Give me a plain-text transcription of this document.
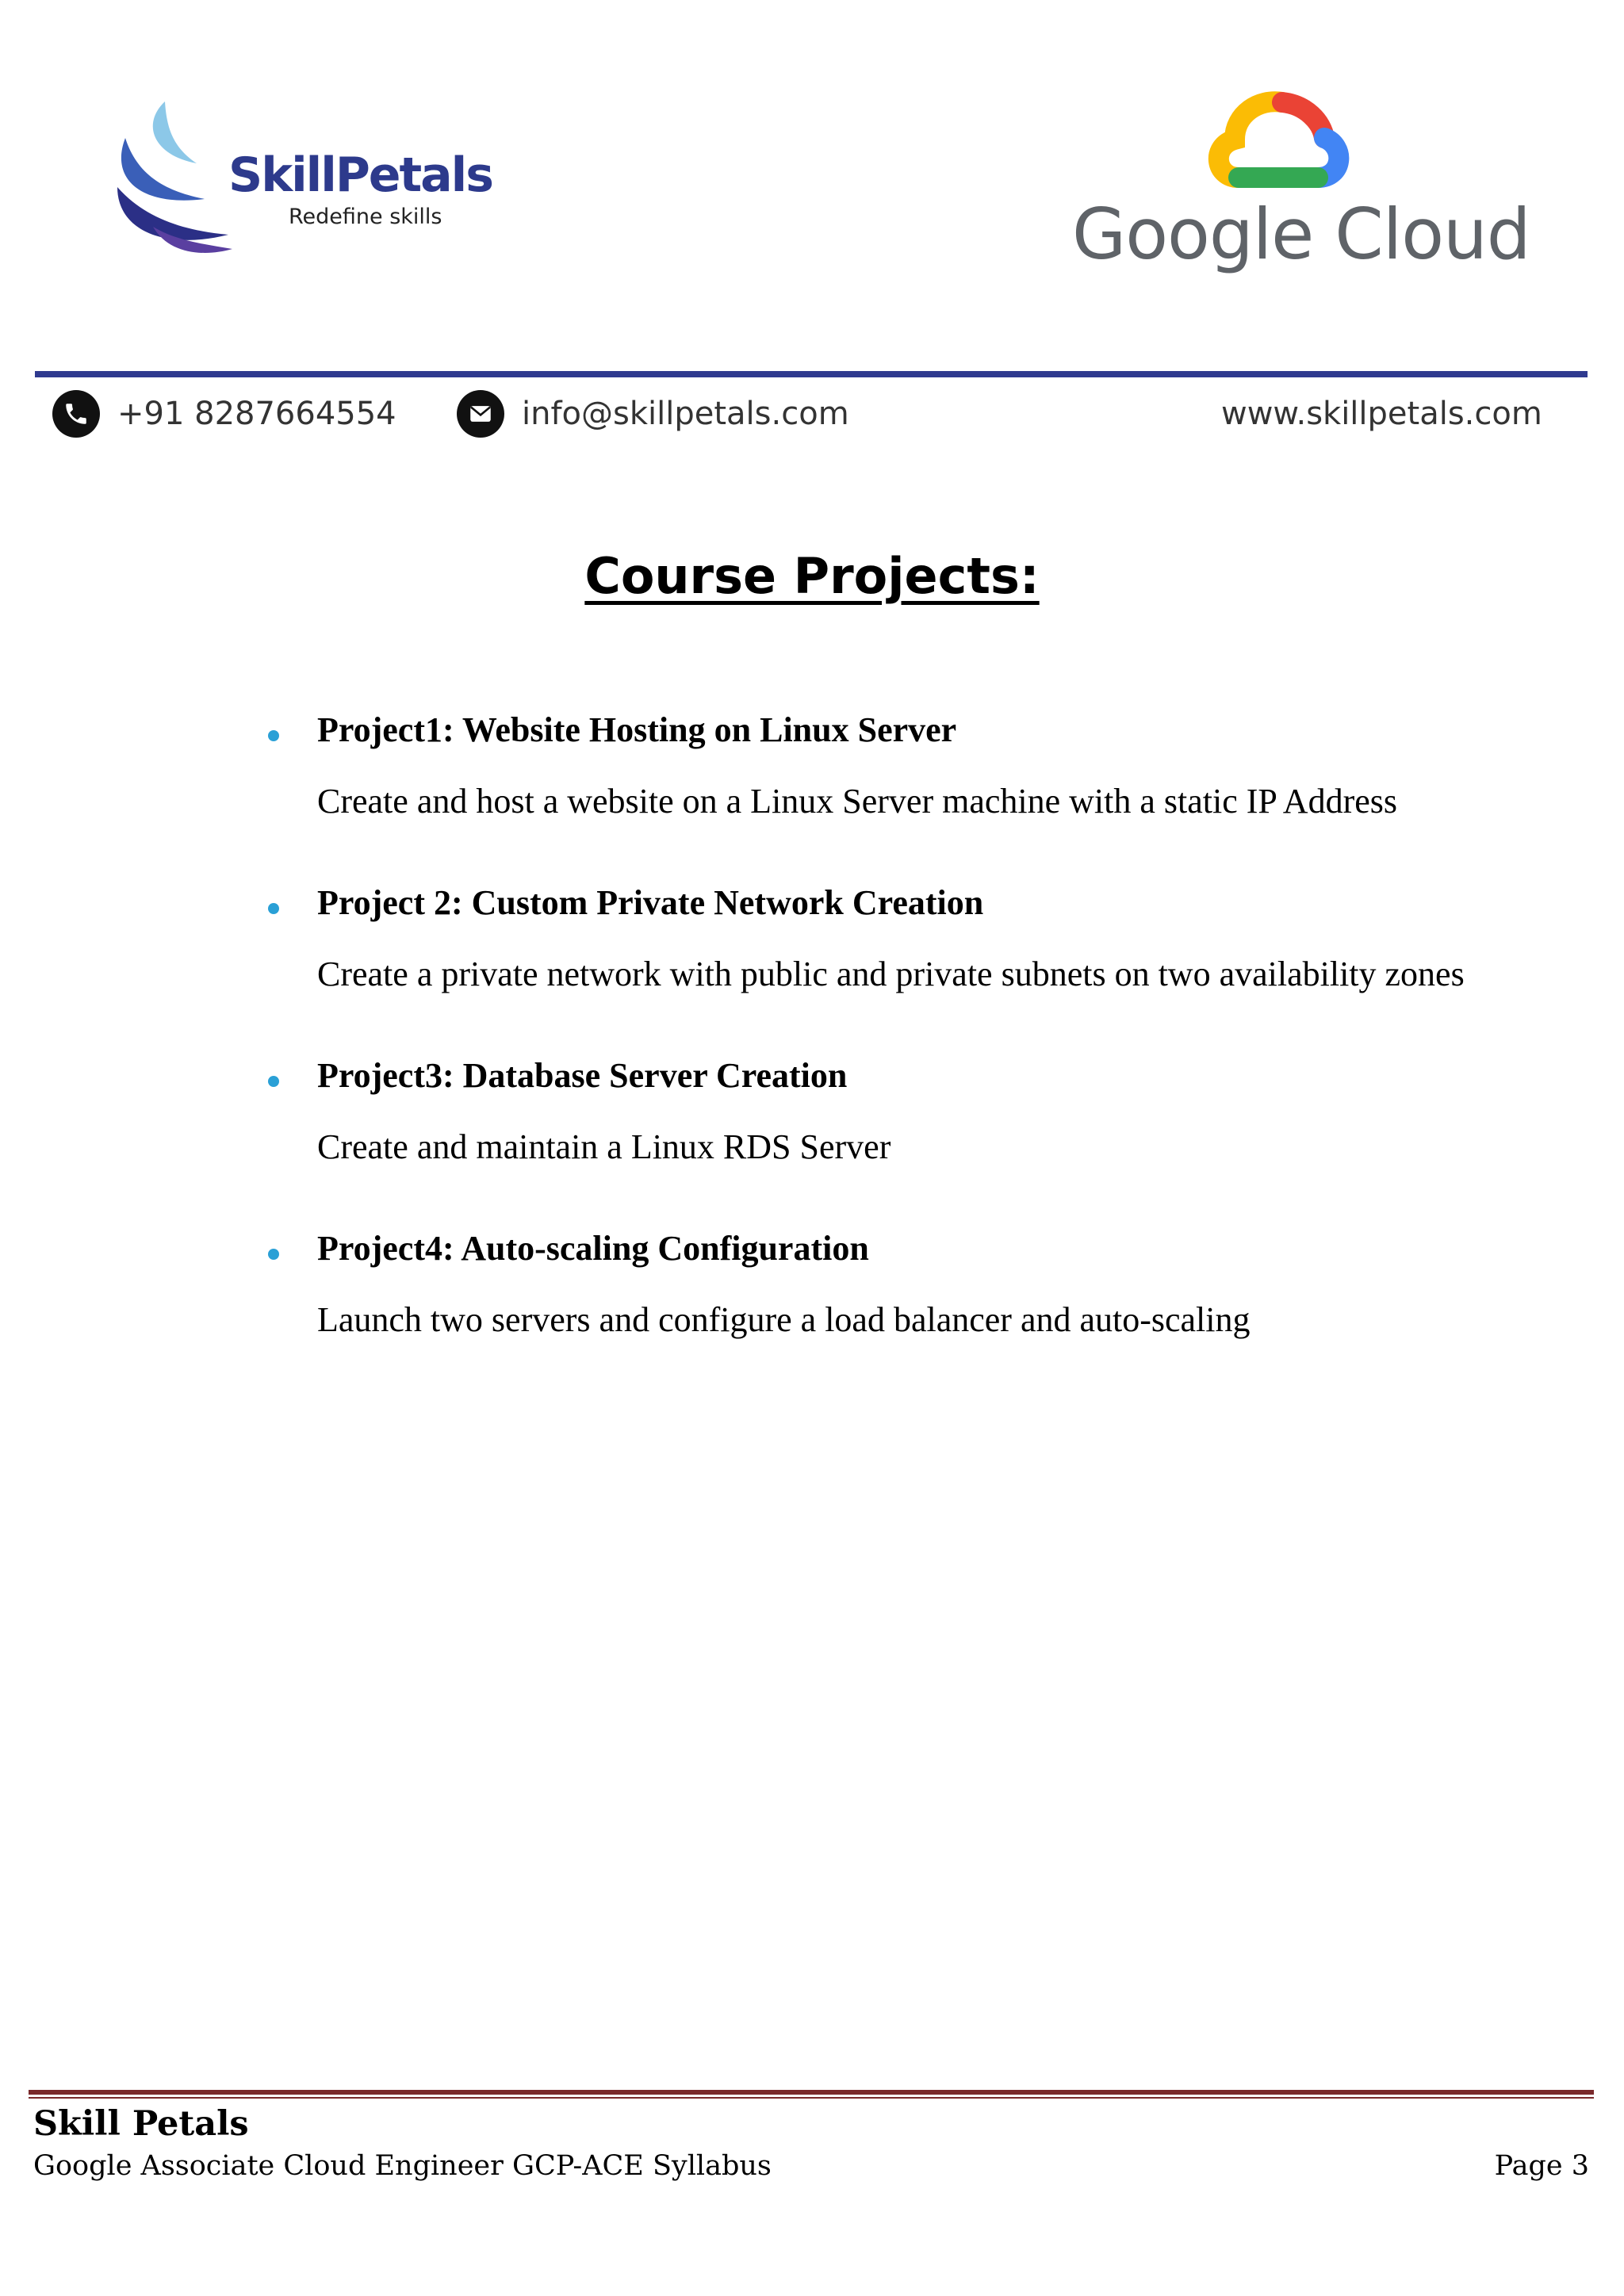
SkillPetals
Redefine skills	Google Cloud
+91 8287664554	info@skillpetals.com	www.skillpetals.com
Course Projects:
Project1: Website Hosting on Linux Server
Create and host a website on a Linux Server machine with a static IP Address
Project 2: Custom Private Network Creation
Create a private network with public and private subnets on two availability zones
Project3: Database Server Creation
Create and maintain a Linux RDS Server
Project4: Auto-scaling Configuration
Launch two servers and configure a load balancer and auto-scaling
Skill Petals
Google Associate Cloud Engineer GCP-ACE Syllabus	Page 3
